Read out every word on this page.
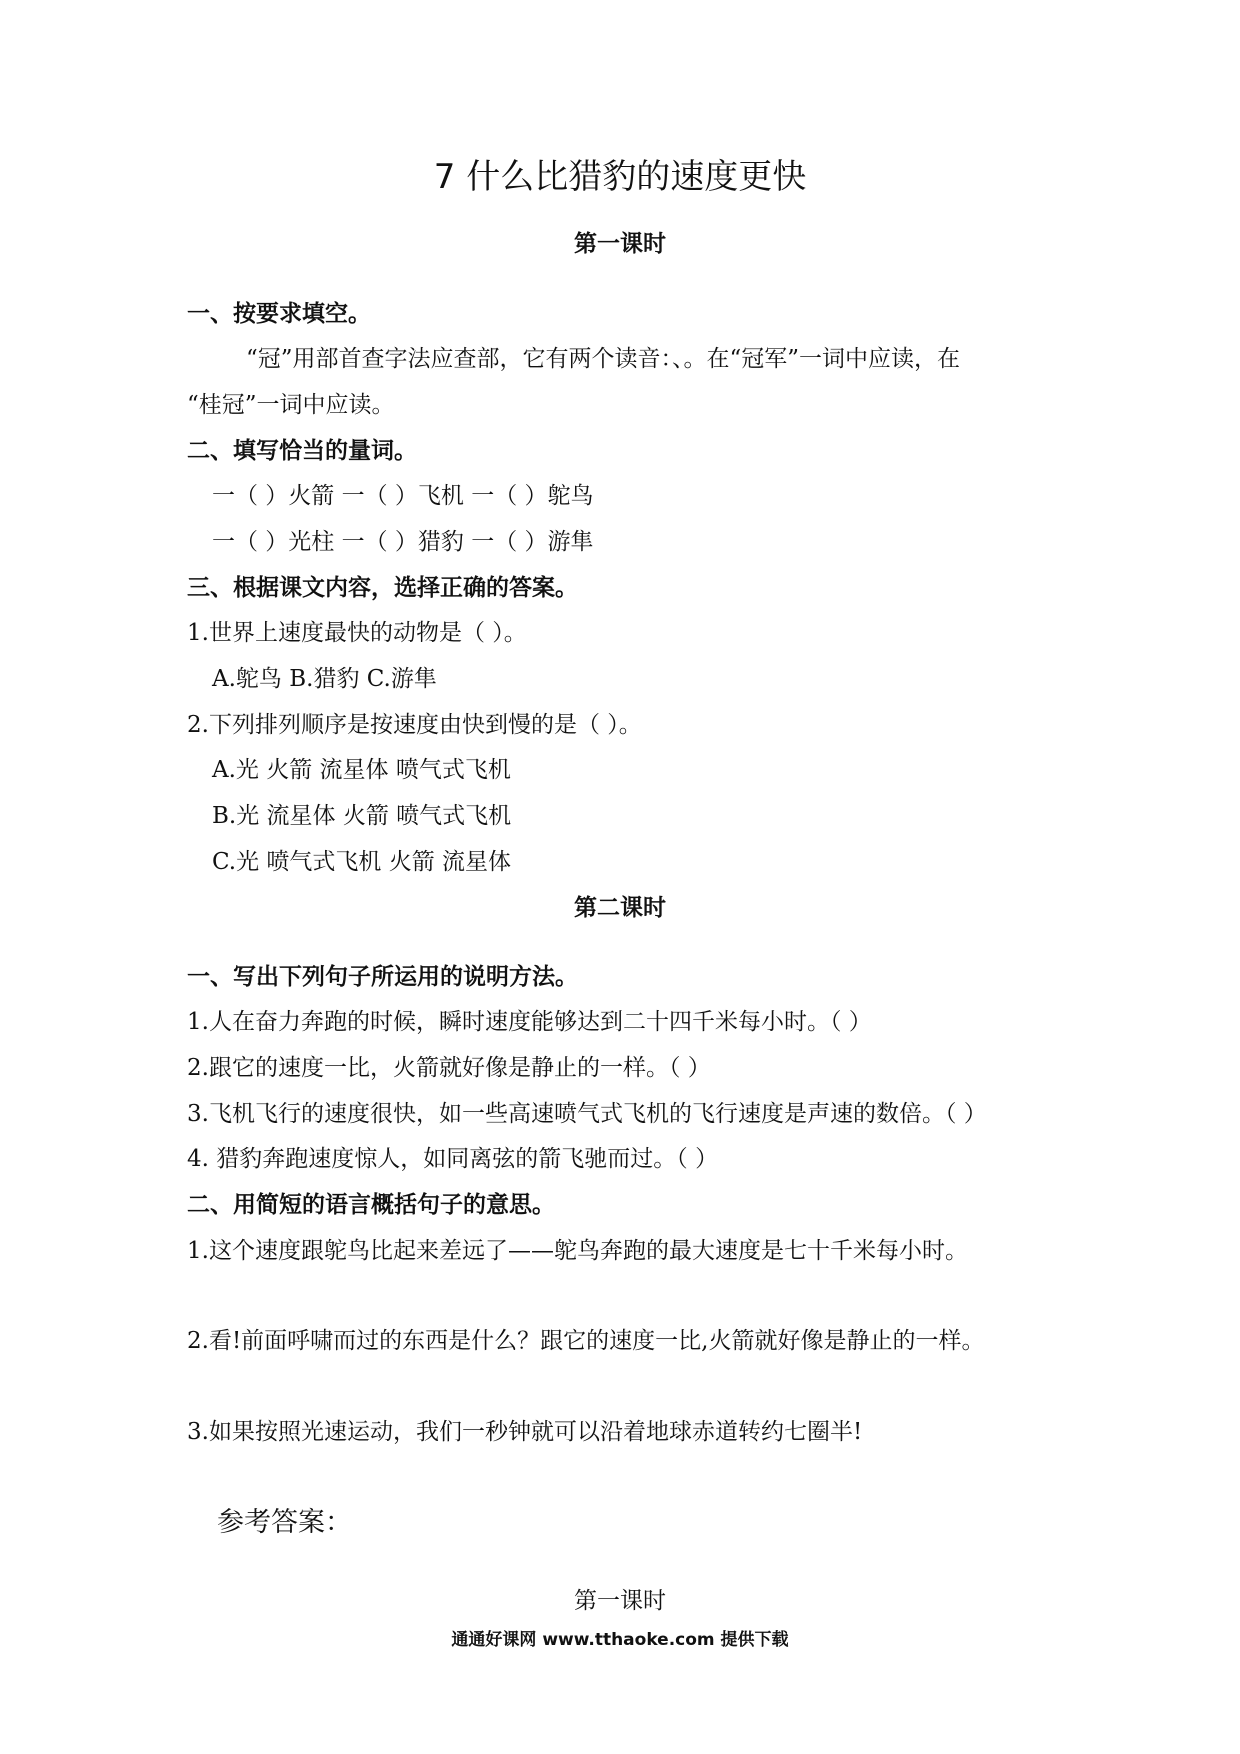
7 什么比猎豹的速度更快
第一课时
一、按要求填空。
“冠”用部首查字法应查部，它有两个读音：、。在“冠军”一词中应读，在
“桂冠”一词中应读。
二、填写恰当的量词。
一（ ）火箭 一（ ）飞机 一（ ）鸵鸟
一（ ）光柱 一（ ）猎豹 一（ ）游隼
三、根据课文内容，选择正确的答案。
1.世界上速度最快的动物是（ ）。
A.鸵鸟 B.猎豹 C.游隼
2.下列排列顺序是按速度由快到慢的是（ ）。
A.光 火箭 流星体 喷气式飞机
B.光 流星体 火箭 喷气式飞机
C.光 喷气式飞机 火箭 流星体
第二课时
一、写出下列句子所运用的说明方法。
1.人在奋力奔跑的时候，瞬时速度能够达到二十四千米每小时。（ ）
2.跟它的速度一比，火箭就好像是静止的一样。（ ）
3.飞机飞行的速度很快，如一些高速喷气式飞机的飞行速度是声速的数倍。（ ）
4. 猎豹奔跑速度惊人，如同离弦的箭飞驰而过。（ ）
二、用简短的语言概括句子的意思。
1.这个速度跟鸵鸟比起来差远了——鸵鸟奔跑的最大速度是七十千米每小时。
2.看!前面呼啸而过的东西是什么？跟它的速度一比,火箭就好像是静止的一样。
3.如果按照光速运动，我们一秒钟就可以沿着地球赤道转约七圈半!
参考答案：
第一课时
通通好课网 www.tthaoke.com 提供下载
